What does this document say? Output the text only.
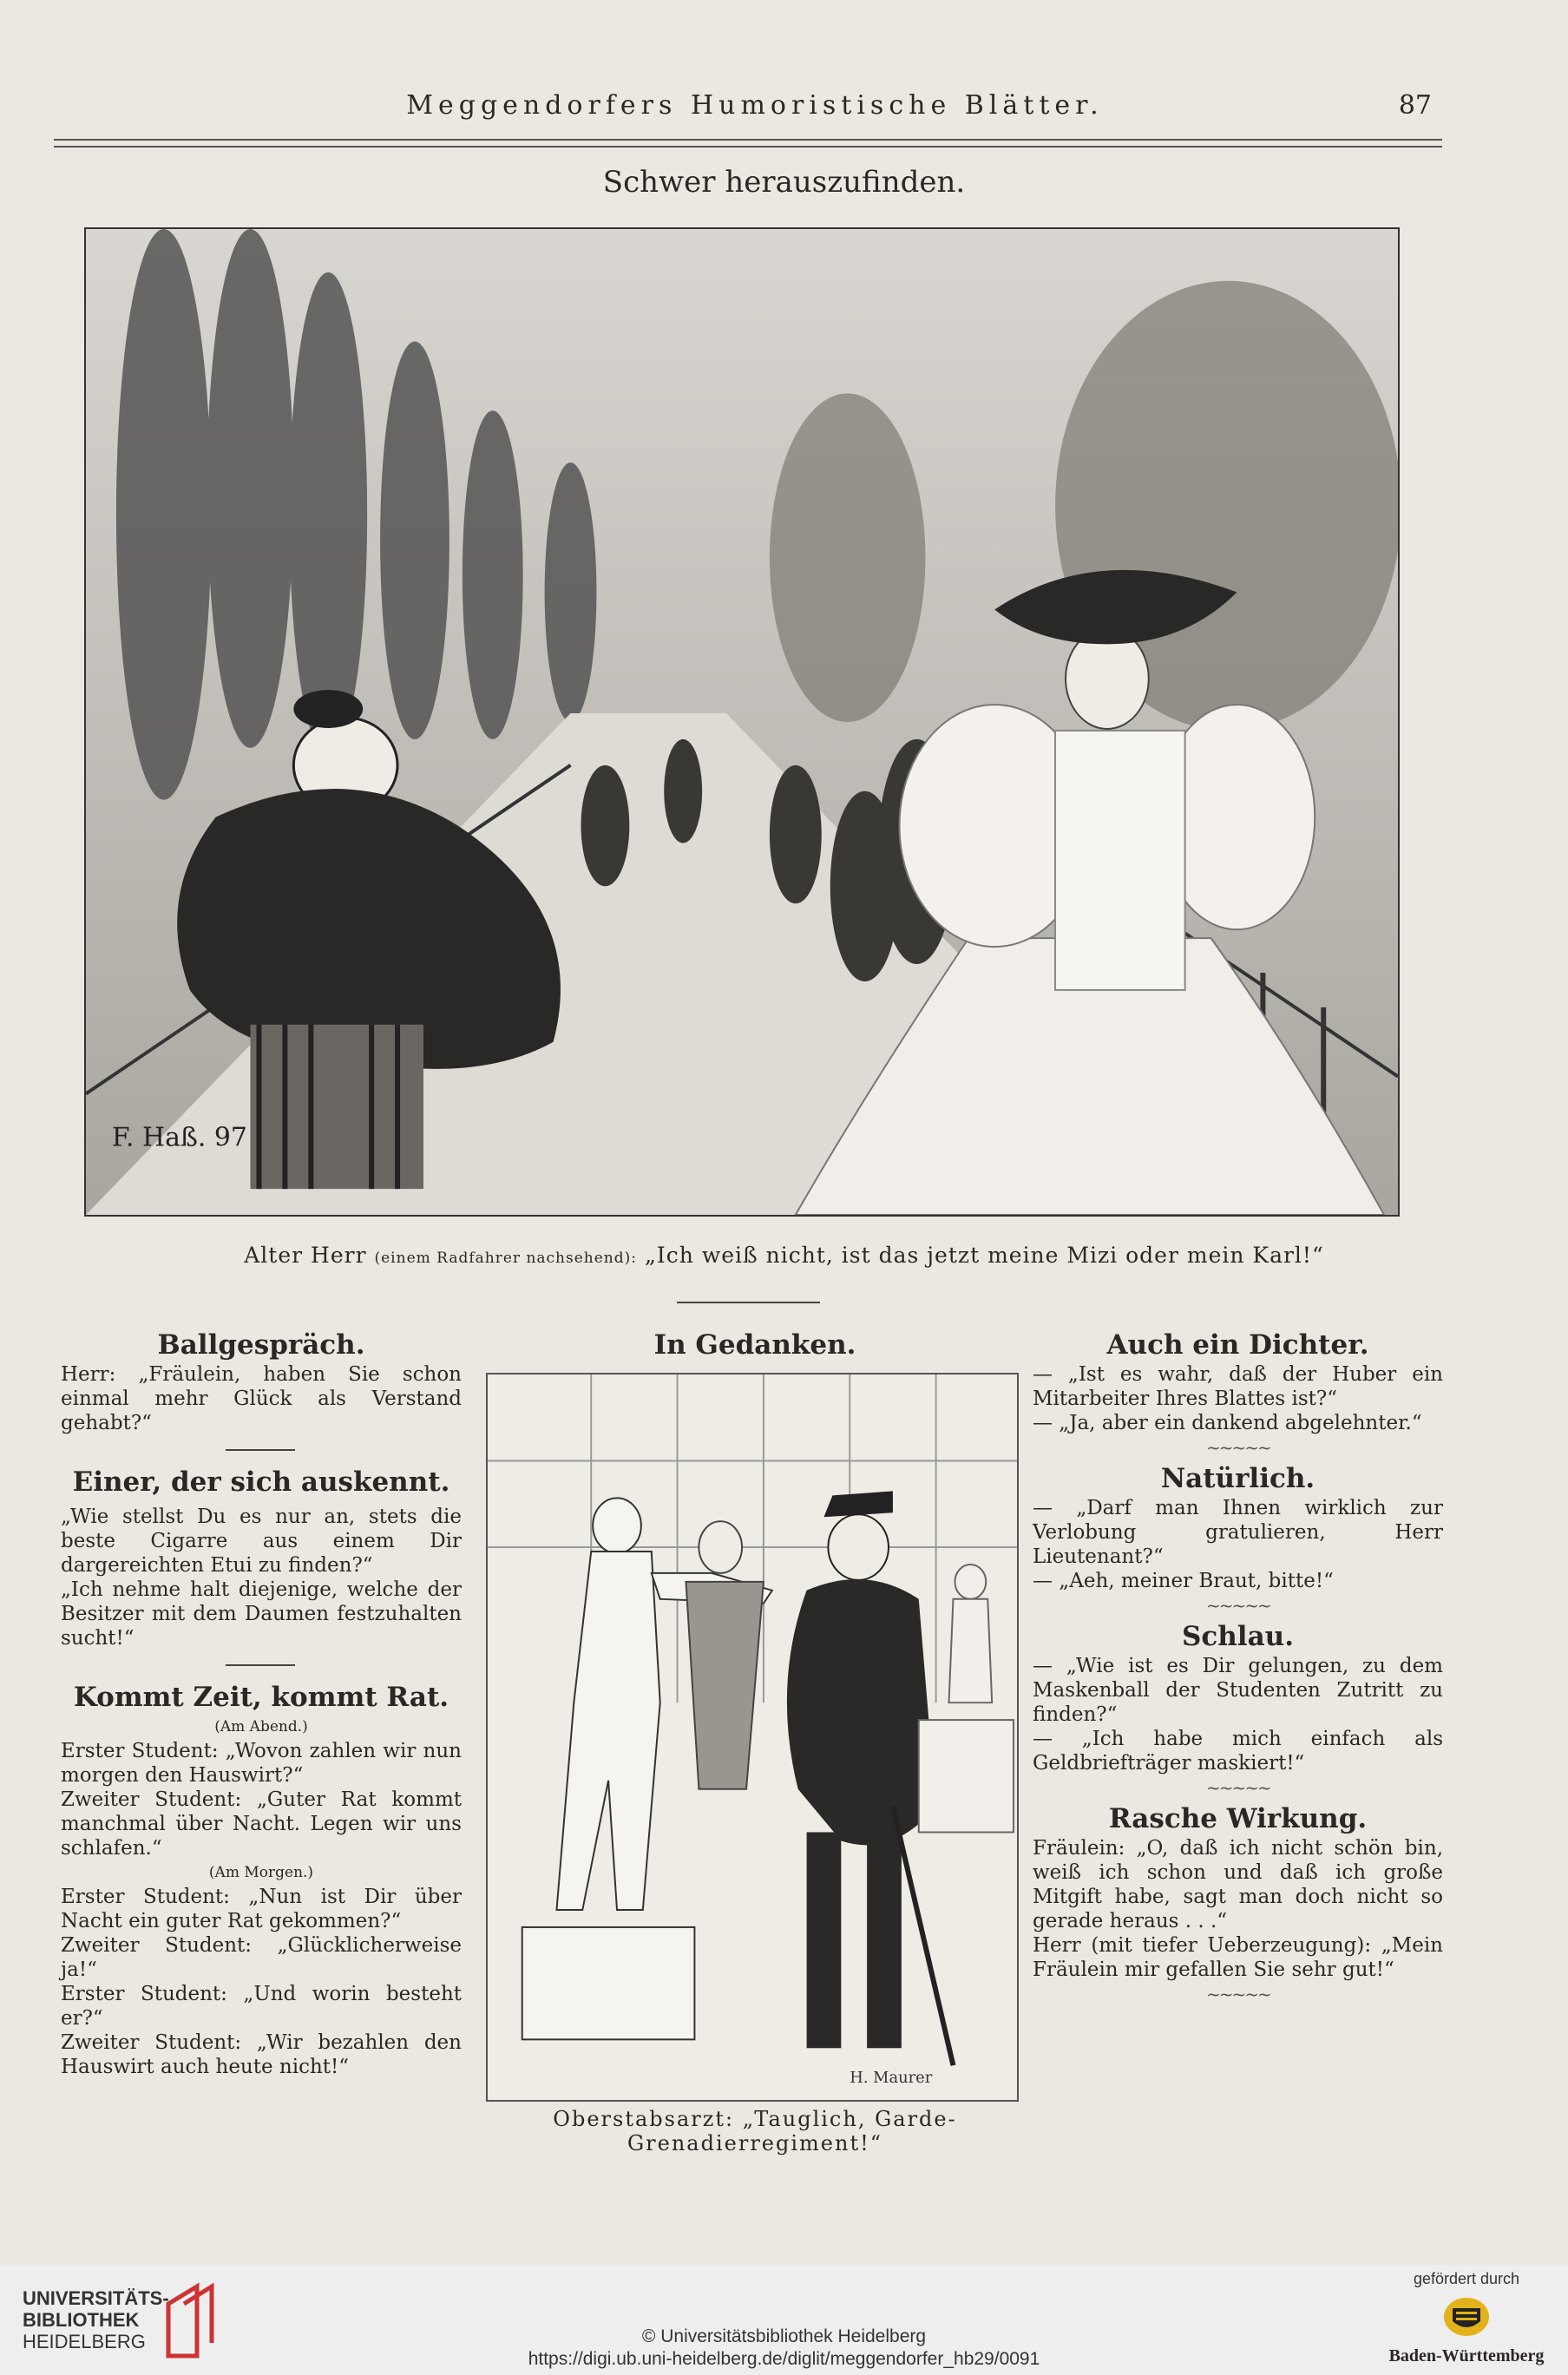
Meggendorfers Humoristische Blätter.	87
Schwer herauszufinden.
F. Haß. 97
Alter Herr (einem Radfahrer nachsehend): „Ich weiß nicht, ist das jetzt meine Mizi oder mein Karl!“
Ballgespräch.

Herr: „Fräulein, haben Sie schon einmal mehr Glück als Verstand gehabt?“

Einer, der sich auskennt.

„Wie stellst Du es nur an, stets die beste Cigarre aus einem Dir dargereichten Etui zu finden?“

„Ich nehme halt diejenige, welche der Besitzer mit dem Daumen festzuhalten sucht!“

Kommt Zeit, kommt Rat.

(Am Abend.)

Erster Student: „Wovon zahlen wir nun morgen den Hauswirt?“

Zweiter Student: „Guter Rat kommt manchmal über Nacht. Legen wir uns schlafen.“

(Am Morgen.)

Erster Student: „Nun ist Dir über Nacht ein guter Rat gekommen?“

Zweiter Student: „Glücklicherweise ja!“

Erster Student: „Und worin besteht er?“

Zweiter Student: „Wir bezahlen den Hauswirt auch heute nicht!“

In Gedanken.
H. Maurer
Oberstabsarzt: „Tauglich, Garde-Grenadierregiment!“
Auch ein Dichter.

— „Ist es wahr, daß der Huber ein Mitarbeiter Ihres Blattes ist?“

— „Ja, aber ein dankend abgelehnter.“

~~~~~
Natürlich.

— „Darf man Ihnen wirklich zur Verlobung gratulieren, Herr Lieutenant?“

— „Aeh, meiner Braut, bitte!“

~~~~~
Schlau.

— „Wie ist es Dir gelungen, zu dem Maskenball der Studenten Zutritt zu finden?“

— „Ich habe mich einfach als Geldbriefträger maskiert!“

~~~~~
Rasche Wirkung.

Fräulein: „O, daß ich nicht schön bin, weiß ich schon und daß ich große Mitgift habe, sagt man doch nicht so gerade heraus . . .“

Herr (mit tiefer Ueberzeugung): „Mein Fräulein mir gefallen Sie sehr gut!“

~~~~~
UNIVERSITÄTS-
BIBLIOTHEK
HEIDELBERG
gefördert durch
Baden-Württemberg
© Universitätsbibliothek Heidelberg
https://digi.ub.uni-heidelberg.de/diglit/meggendorfer_hb29/0091
